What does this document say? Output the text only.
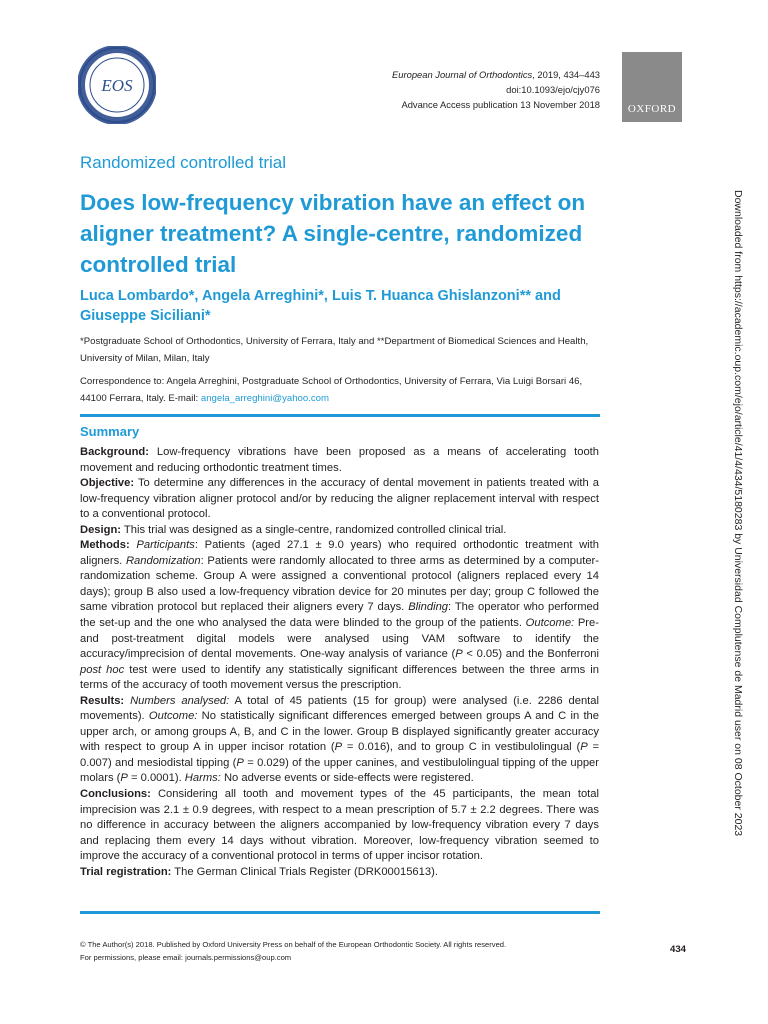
EOS
European Journal of Orthodontics, 2019, 434–443
doi:10.1093/ejo/cjy076
Advance Access publication 13 November 2018	OXFORD
Randomized controlled trial
Does low-frequency vibration have an effect on aligner treatment? A single-centre, randomized controlled trial
Luca Lombardo*, Angela Arreghini*, Luis T. Huanca Ghislanzoni** and Giuseppe Siciliani*
*Postgraduate School of Orthodontics, University of Ferrara, Italy and **Department of Biomedical Sciences and Health, University of Milan, Milan, Italy
Correspondence to: Angela Arreghini, Postgraduate School of Orthodontics, University of Ferrara, Via Luigi Borsari 46, 44100 Ferrara, Italy. E-mail: angela_arreghini@yahoo.com
Summary

Background: Low-frequency vibrations have been proposed as a means of accelerating tooth movement and reducing orthodontic treatment times.

Objective: To determine any differences in the accuracy of dental movement in patients treated with a low-frequency vibration aligner protocol and/or by reducing the aligner replacement interval with respect to a conventional protocol.

Design: This trial was designed as a single-centre, randomized controlled clinical trial.

Methods: Participants: Patients (aged 27.1 ± 9.0 years) who required orthodontic treatment with aligners. Randomization: Patients were randomly allocated to three arms as determined by a computer-randomization scheme. Group A were assigned a conventional protocol (aligners replaced every 14 days); group B also used a low-frequency vibration device for 20 minutes per day; group C followed the same vibration protocol but replaced their aligners every 7 days. Blinding: The operator who performed the set-up and the one who analysed the data were blinded to the group of the patients. Outcome: Pre- and post-treatment digital models were analysed using VAM software to identify the accuracy/imprecision of dental movements. One-way analysis of variance (P < 0.05) and the Bonferroni post hoc test were used to identify any statistically significant differences between the three arms in terms of the accuracy of tooth movement versus the prescription.

Results: Numbers analysed: A total of 45 patients (15 for group) were analysed (i.e. 2286 dental movements). Outcome: No statistically significant differences emerged between groups A and C in the upper arch, or among groups A, B, and C in the lower. Group B displayed significantly greater accuracy with respect to group A in upper incisor rotation (P = 0.016), and to group C in vestibulolingual (P = 0.007) and mesiodistal tipping (P = 0.029) of the upper canines, and vestibulolingual tipping of the upper molars (P = 0.0001). Harms: No adverse events or side-effects were registered.

Conclusions: Considering all tooth and movement types of the 45 participants, the mean total imprecision was 2.1 ± 0.9 degrees, with respect to a mean prescription of 5.7 ± 2.2 degrees. There was no difference in accuracy between the aligners accompanied by low-frequency vibration every 7 days and replacing them every 14 days without vibration. Moreover, low-frequency vibration seemed to improve the accuracy of a conventional protocol in terms of upper incisor rotation.

Trial registration: The German Clinical Trials Register (DRK00015613).

© The Author(s) 2018. Published by Oxford University Press on behalf of the European Orthodontic Society. All rights reserved.
For permissions, please email: journals.permissions@oup.com
434
Downloaded from https://academic.oup.com/ejo/article/41/4/434/5180283 by Universidad Complutense de Madrid user on 08 October 2023
